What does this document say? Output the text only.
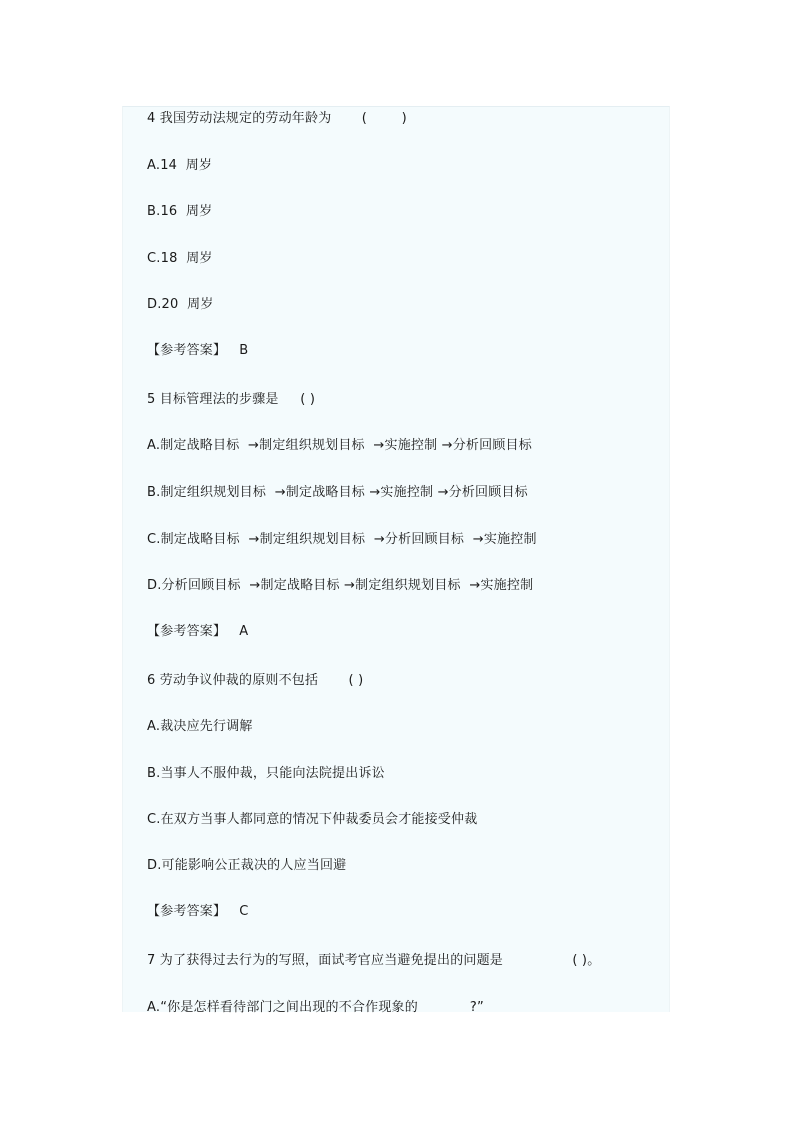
4 我国劳动法规定的劳动年龄为       (        )
A.14  周岁
B.16  周岁
C.18  周岁
D.20  周岁
【参考答案】   B
5 目标管理法的步骤是     ( )
A.制定战略目标  →制定组织规划目标  →实施控制 →分析回顾目标
B.制定组织规划目标  →制定战略目标 →实施控制 →分析回顾目标
C.制定战略目标  →制定组织规划目标  →分析回顾目标  →实施控制
D.分析回顾目标  →制定战略目标 →制定组织规划目标  →实施控制
【参考答案】   A
6 劳动争议仲裁的原则不包括       ( )
A.裁决应先行调解
B.当事人不服仲裁，只能向法院提出诉讼
C.在双方当事人都同意的情况下仲裁委员会才能接受仲裁
D.可能影响公正裁决的人应当回避
【参考答案】   C
7 为了获得过去行为的写照，面试考官应当避免提出的问题是                ( )。
A.“你是怎样看待部门之间出现的不合作现象的            ?”
